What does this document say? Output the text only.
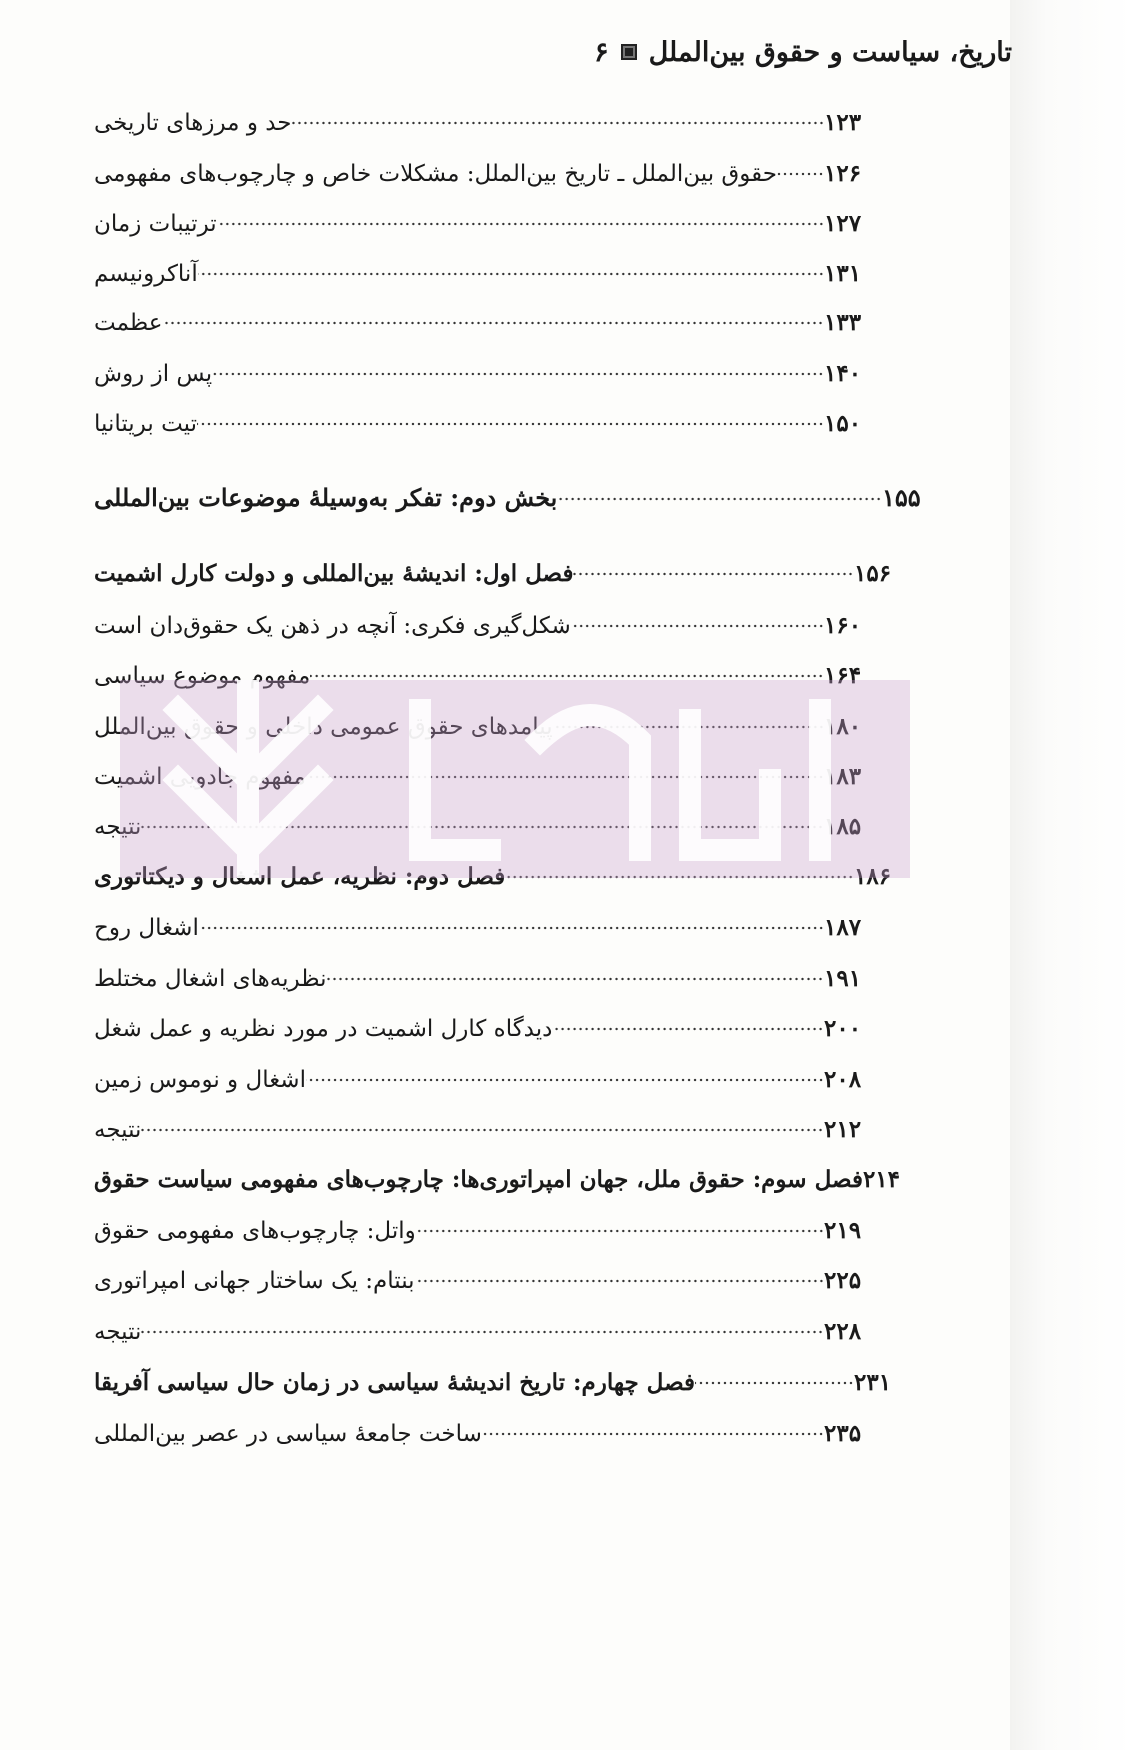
۶ تاریخ، سیاست و حقوق بین‌الملل
حد و مرزهای تاریخی	۱۲۳
حقوق بین‌الملل ـ تاریخ بین‌الملل: مشکلات خاص و چارچوب‌های مفهومی ۱۲۶
ترتیبات زمان	۱۲۷
آناکرونیسم	۱۳۱
عظمت	۱۳۳
پس از روش	۱۴۰
تیت بریتانیا	۱۵۰
بخش دوم: تفکر به‌وسیلهٔ موضوعات بین‌المللی	۱۵۵
فصل اول: اندیشهٔ بین‌المللی و دولت کارل اشمیت	۱۵۶
شکل‌گیری فکری: آنچه در ذهن یک حقوق‌دان است	۱۶۰
مفهوم موضوع سیاسی	۱۶۴
پیامدهای حقوق عمومی داخلی و حقوق بین‌الملل	۱۸۰
مفهوم جادویی اشمیت	۱۸۳
نتیجه	۱۸۵
فصل دوم: نظریه، عمل اشغال و دیکتاتوری	۱۸۶
اشغال روح	۱۸۷
نظریه‌های اشغال مختلط	۱۹۱
دیدگاه کارل اشمیت در مورد نظریه و عمل شغل	۲۰۰
اشغال و نوموس زمین	۲۰۸
نتیجه	۲۱۲
فصل سوم: حقوق ملل، جهان امپراتوری‌ها: چارچوب‌های مفهومی سیاست حقوق ۲۱۴
واتل: چارچوب‌های مفهومی حقوق	۲۱۹
بنتام: یک ساختار جهانی امپراتوری	۲۲۵
نتیجه	۲۲۸
فصل چهارم: تاریخ اندیشهٔ سیاسی در زمان حال سیاسی آفریقا	۲۳۱
ساخت جامعهٔ سیاسی در عصر بین‌المللی	۲۳۵
